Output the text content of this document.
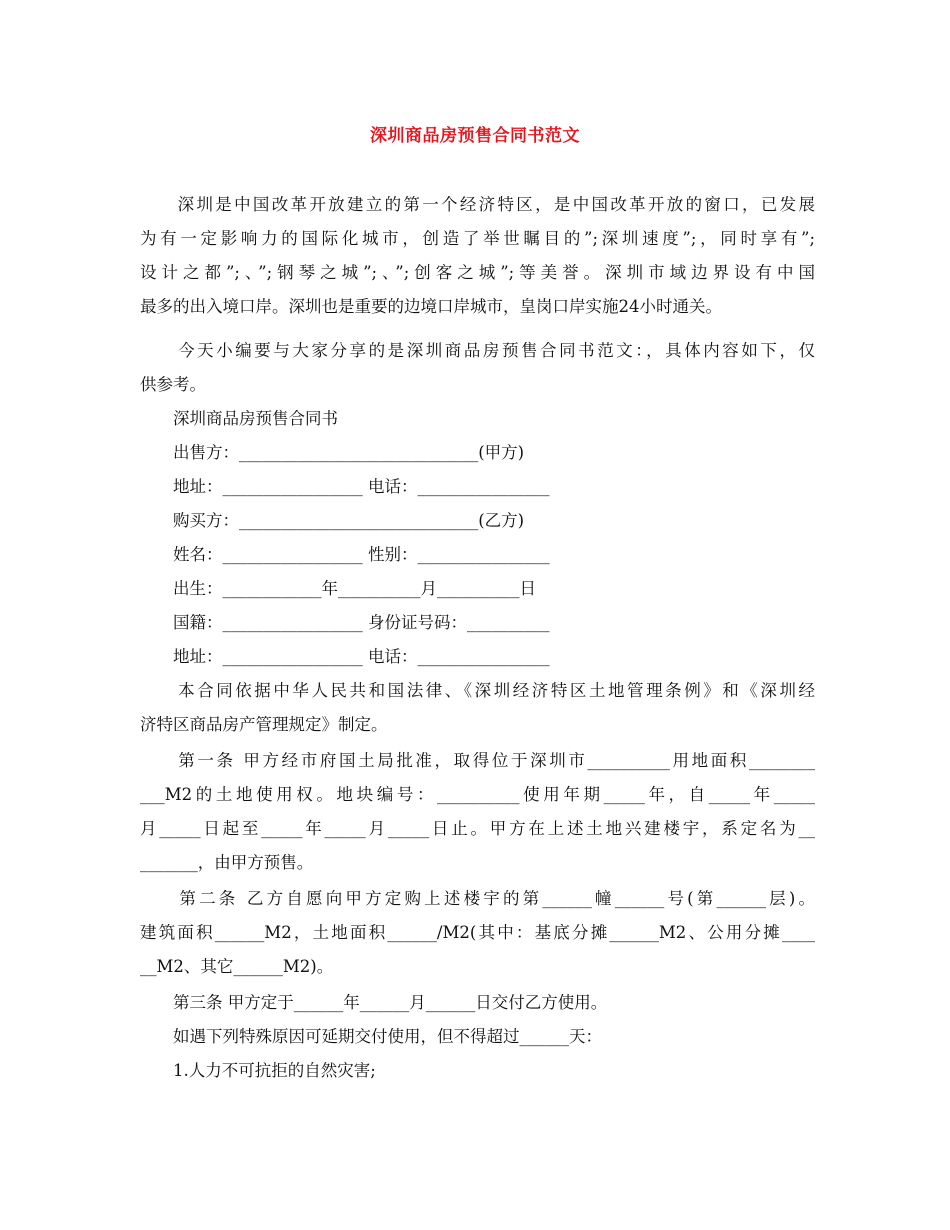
深圳商品房预售合同书范文
　　深圳是中国改革开放建立的第一个经济特区，是中国改革开放的窗口，已发展
为有一定影响力的国际化城市，创造了举世瞩目的”;深圳速度”;，同时享有”;
设计之都”;、”;钢琴之城”;、”;创客之城”;等美誉。深圳市域边界设有中国
最多的出入境口岸。深圳也是重要的边境口岸城市，皇岗口岸实施24小时通关。
　　今天小编要与大家分享的是深圳商品房预售合同书范文：，具体内容如下，仅
供参考。
　　深圳商品房预售合同书
　　出售方：_____________________________(甲方)
　　地址：_________________ 电话：________________
　　购买方：_____________________________(乙方)
　　姓名：_________________ 性别：________________
　　出生：____________年__________月__________日
　　国籍：_________________ 身份证号码：__________
　　地址：_________________ 电话：________________
　　本合同依据中华人民共和国法律、《深圳经济特区土地管理条例》和《深圳经
济特区商品房产管理规定》制定。
　　第一条 甲方经市府国土局批准，取得位于深圳市__________用地面积________
___M2的土地使用权。地块编号：__________使用年期_____年，自_____年_____
月_____日起至_____年_____月_____日止。甲方在上述土地兴建楼宇，系定名为__
_______，由甲方预售。
　　第二条 乙方自愿向甲方定购上述楼宇的第______幢______号(第______层)。
建筑面积______M2，土地面积______/M2(其中：基底分摊______M2、公用分摊____
__M2、其它______M2)。
　　第三条 甲方定于______年______月______日交付乙方使用。
　　如遇下列特殊原因可延期交付使用，但不得超过______天：
　　1.人力不可抗拒的自然灾害;
